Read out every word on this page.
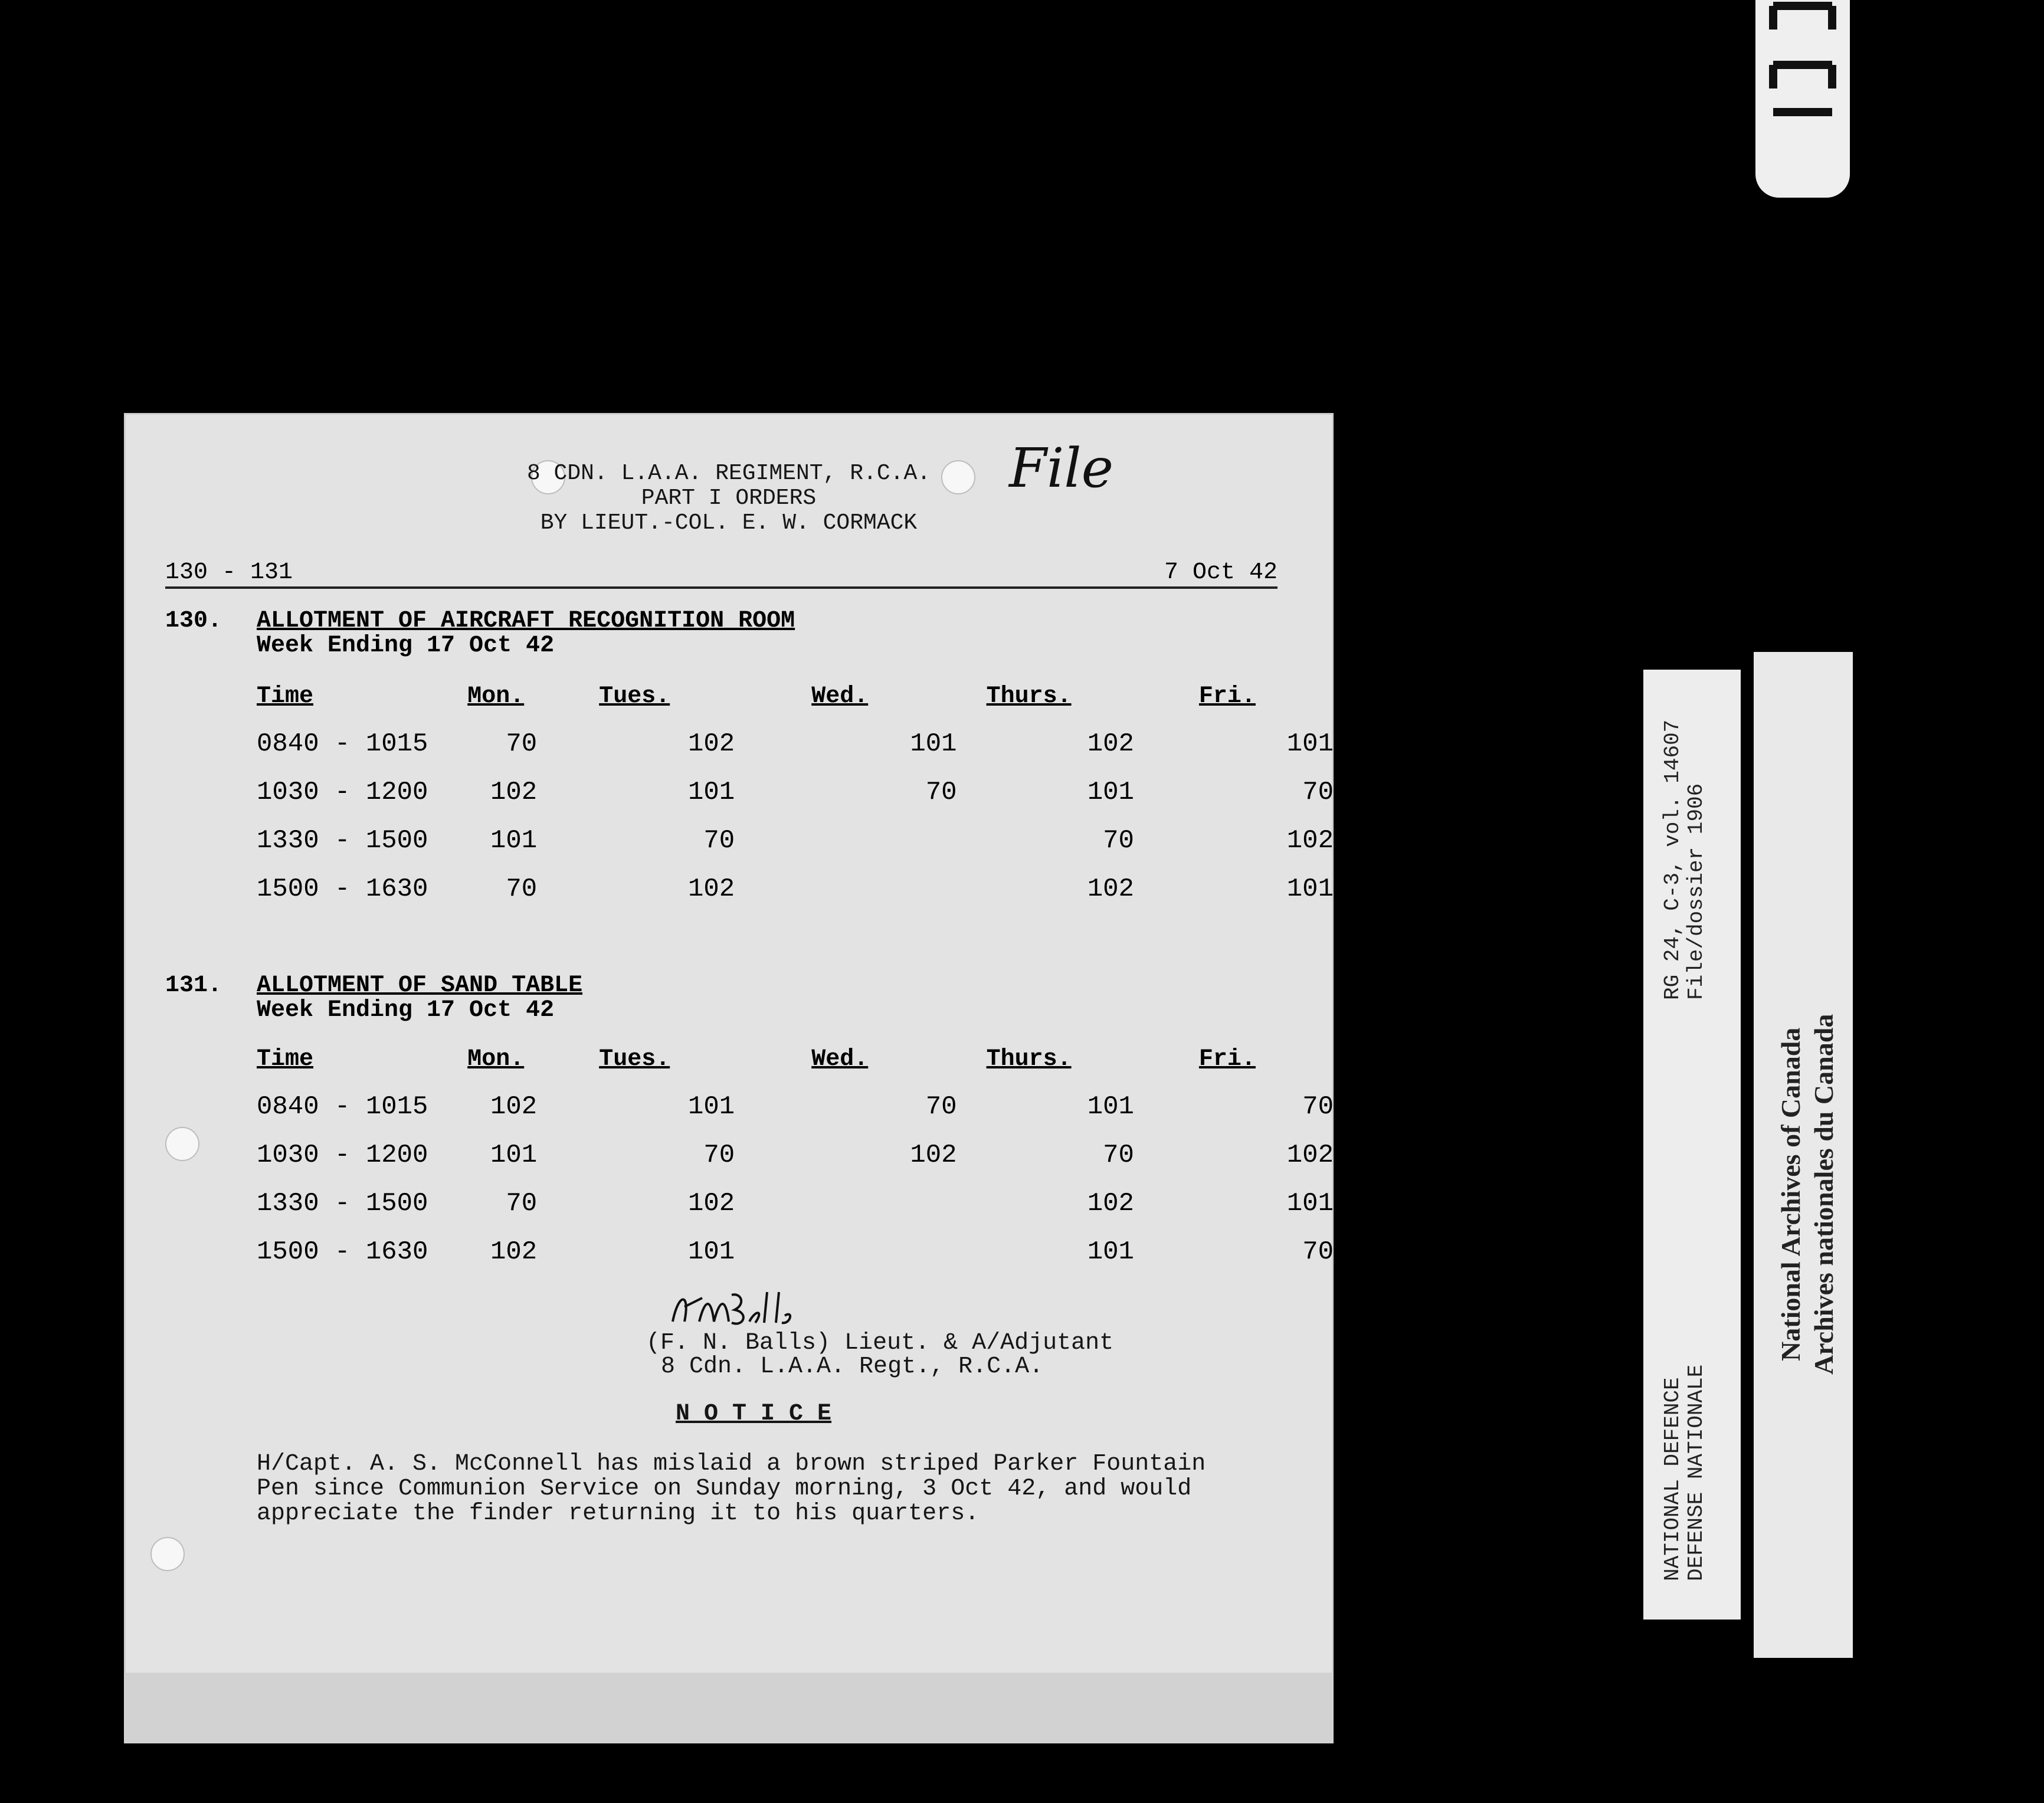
8 CDN. L.A.A. REGIMENT, R.C.A.
PART I ORDERS
BY LIEUT.-COL. E. W. CORMACK
File
130 - 131	7 Oct 42
130. ALLOTMENT OF AIRCRAFT RECOGNITION ROOM
Week Ending 17 Oct 42
Time	Mon.	Tues.	Wed.	Thurs.	Fri.
0840 - 1015	70	102	101	102	101
1030 - 1200	102	101	70	101	70
1330 - 1500	101	70		70	102
1500 - 1630	70	102		102	101
131. ALLOTMENT OF SAND TABLE
Week Ending 17 Oct 42
Time	Mon.	Tues.	Wed.	Thurs.	Fri.
0840 - 1015	102	101	70	101	70
1030 - 1200	101	70	102	70	102
1330 - 1500	70	102		102	101
1500 - 1630	102	101		101	70
(F. N. Balls) Lieut. & A/Adjutant
8 Cdn. L.A.A. Regt., R.C.A.
N O T I C E
H/Capt. A. S. McConnell has mislaid a brown striped Parker Fountain
Pen since Communion Service on Sunday morning, 3 Oct 42, and would
appreciate the finder returning it to his quarters.
RG 24, C-3, vol. 14607 File/dossier 1906
NATIONAL DEFENCE DEFENSE NATIONALE
National Archives of Canada Archives nationales du Canada
